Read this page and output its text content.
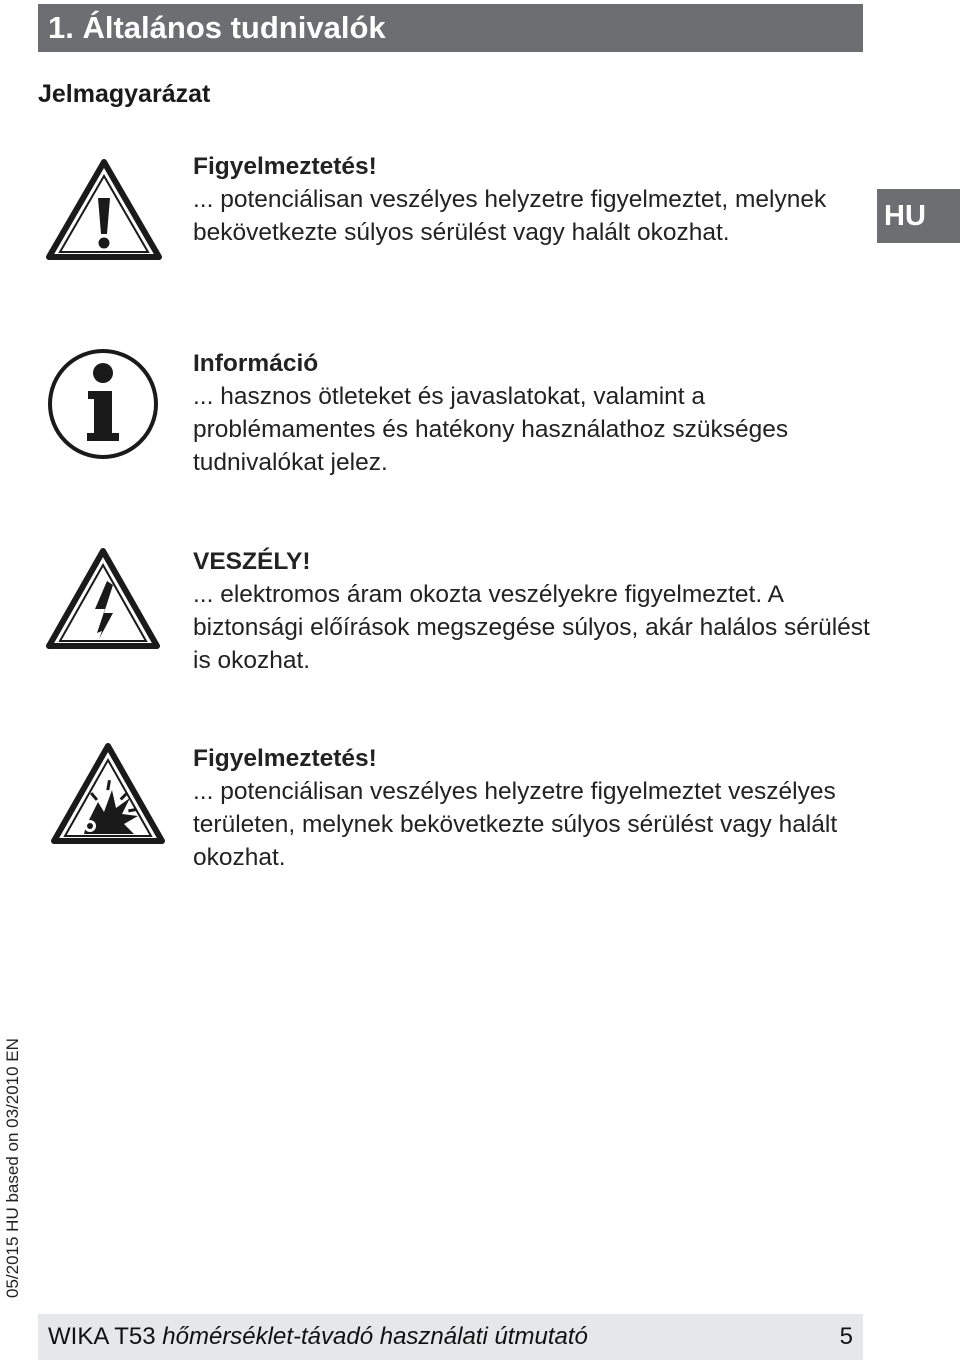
1. Általános tudnivalók
HU
Jelmagyarázat
Figyelmeztetés!
... potenciálisan veszélyes helyzetre figyelmeztet, melynek bekövetkezte súlyos sérülést vagy halált okozhat.
Információ
... hasznos ötleteket és javaslatokat, valamint a problémamentes és hatékony használathoz szükséges tudnivalókat jelez.
VESZÉLY!
... elektromos áram okozta veszélyekre figyelmeztet. A biztonsági előírások megszegése súlyos, akár halálos sérülést is okozhat.
Figyelmeztetés!
... potenciálisan veszélyes helyzetre figyelmeztet veszélyes területen, melynek bekövetkezte súlyos sérülést vagy halált okozhat.
05/2015 HU based on 03/2010 EN
WIKA T53 hőmérséklet-távadó használati útmutató	5
